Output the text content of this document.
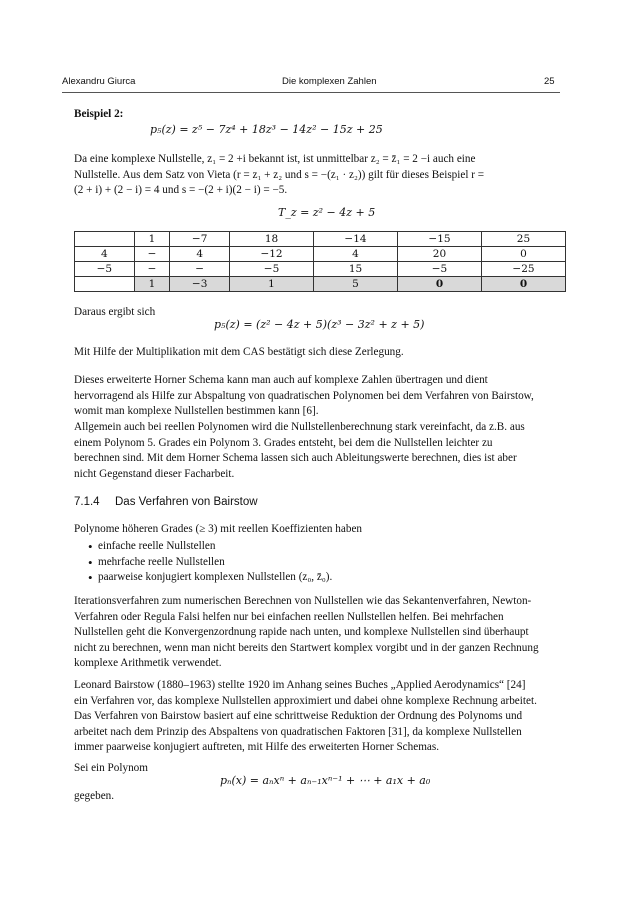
Alexandru Giurca	Die komplexen Zahlen	25
Beispiel 2:
p₅(z) = z⁵ − 7z⁴ + 18z³ − 14z² − 15z + 25

Da eine komplexe Nullstelle, z₁ = 2 +i bekannt ist, ist unmittelbar z₂ = z̄₁ = 2 −i auch eine

Nullstelle. Aus dem Satz von Vieta (r = z₁ + z₂ und s = −(z₁ · z₂)) gilt für dieses Beispiel r =

(2 + i) + (2 − i) = 4 und s = −(2 + i)(2 − i) = −5.

T_z = z² − 4z + 5
	1	−7	18	−14	−15	25
4	−	4	−12	4	20	0
−5	−	−	−5	15	−5	−25
	1	−3	1	5	0	0
Daraus ergibt sich
p₅(z) = (z² − 4z + 5)(z³ − 3z² + z + 5)
Mit Hilfe der Multiplikation mit dem CAS bestätigt sich diese Zerlegung.

Dieses erweiterte Horner Schema kann man auch auf komplexe Zahlen übertragen und dient

hervorragend als Hilfe zur Abspaltung von quadratischen Polynomen bei dem Verfahren von Bairstow,

womit man komplexe Nullstellen bestimmen kann [6].

Allgemein auch bei reellen Polynomen wird die Nullstellenberechnung stark vereinfacht, da z.B. aus

einem Polynom 5. Grades ein Polynom 3. Grades entsteht, bei dem die Nullstellen leichter zu

berechnen sind. Mit dem Horner Schema lassen sich auch Ableitungswerte berechnen, dies ist aber

nicht Gegenstand dieser Facharbeit.

7.1.4 Das Verfahren von Bairstow
Polynome höheren Grades (≥ 3) mit reellen Koeffizienten haben
• einfache reelle Nullstellen
• mehrfache reelle Nullstellen
• paarweise konjugiert komplexen Nullstellen (z₀, z̄₀).

Iterationsverfahren zum numerischen Berechnen von Nullstellen wie das Sekantenverfahren, Newton-

Verfahren oder Regula Falsi helfen nur bei einfachen reellen Nullstellen helfen. Bei mehrfachen

Nullstellen geht die Konvergenzordnung rapide nach unten, und komplexe Nullstellen sind überhaupt

nicht zu berechnen, wenn man nicht bereits den Startwert komplex vorgibt und in der ganzen Rechnung

komplexe Arithmetik verwendet.

Leonard Bairstow (1880–1963) stellte 1920 im Anhang seines Buches „Applied Aerodynamics“ [24]

ein Verfahren vor, das komplexe Nullstellen approximiert und dabei ohne komplexe Rechnung arbeitet.

Das Verfahren von Bairstow basiert auf eine schrittweise Reduktion der Ordnung des Polynoms und

arbeitet nach dem Prinzip des Abspaltens von quadratischen Faktoren [31], da komplexe Nullstellen

immer paarweise konjugiert auftreten, mit Hilfe des erweiterten Horner Schemas.

Sei ein Polynom
pₙ(x) = aₙxⁿ + aₙ₋₁xⁿ⁻¹ + ⋯ + a₁x + a₀
gegeben.
